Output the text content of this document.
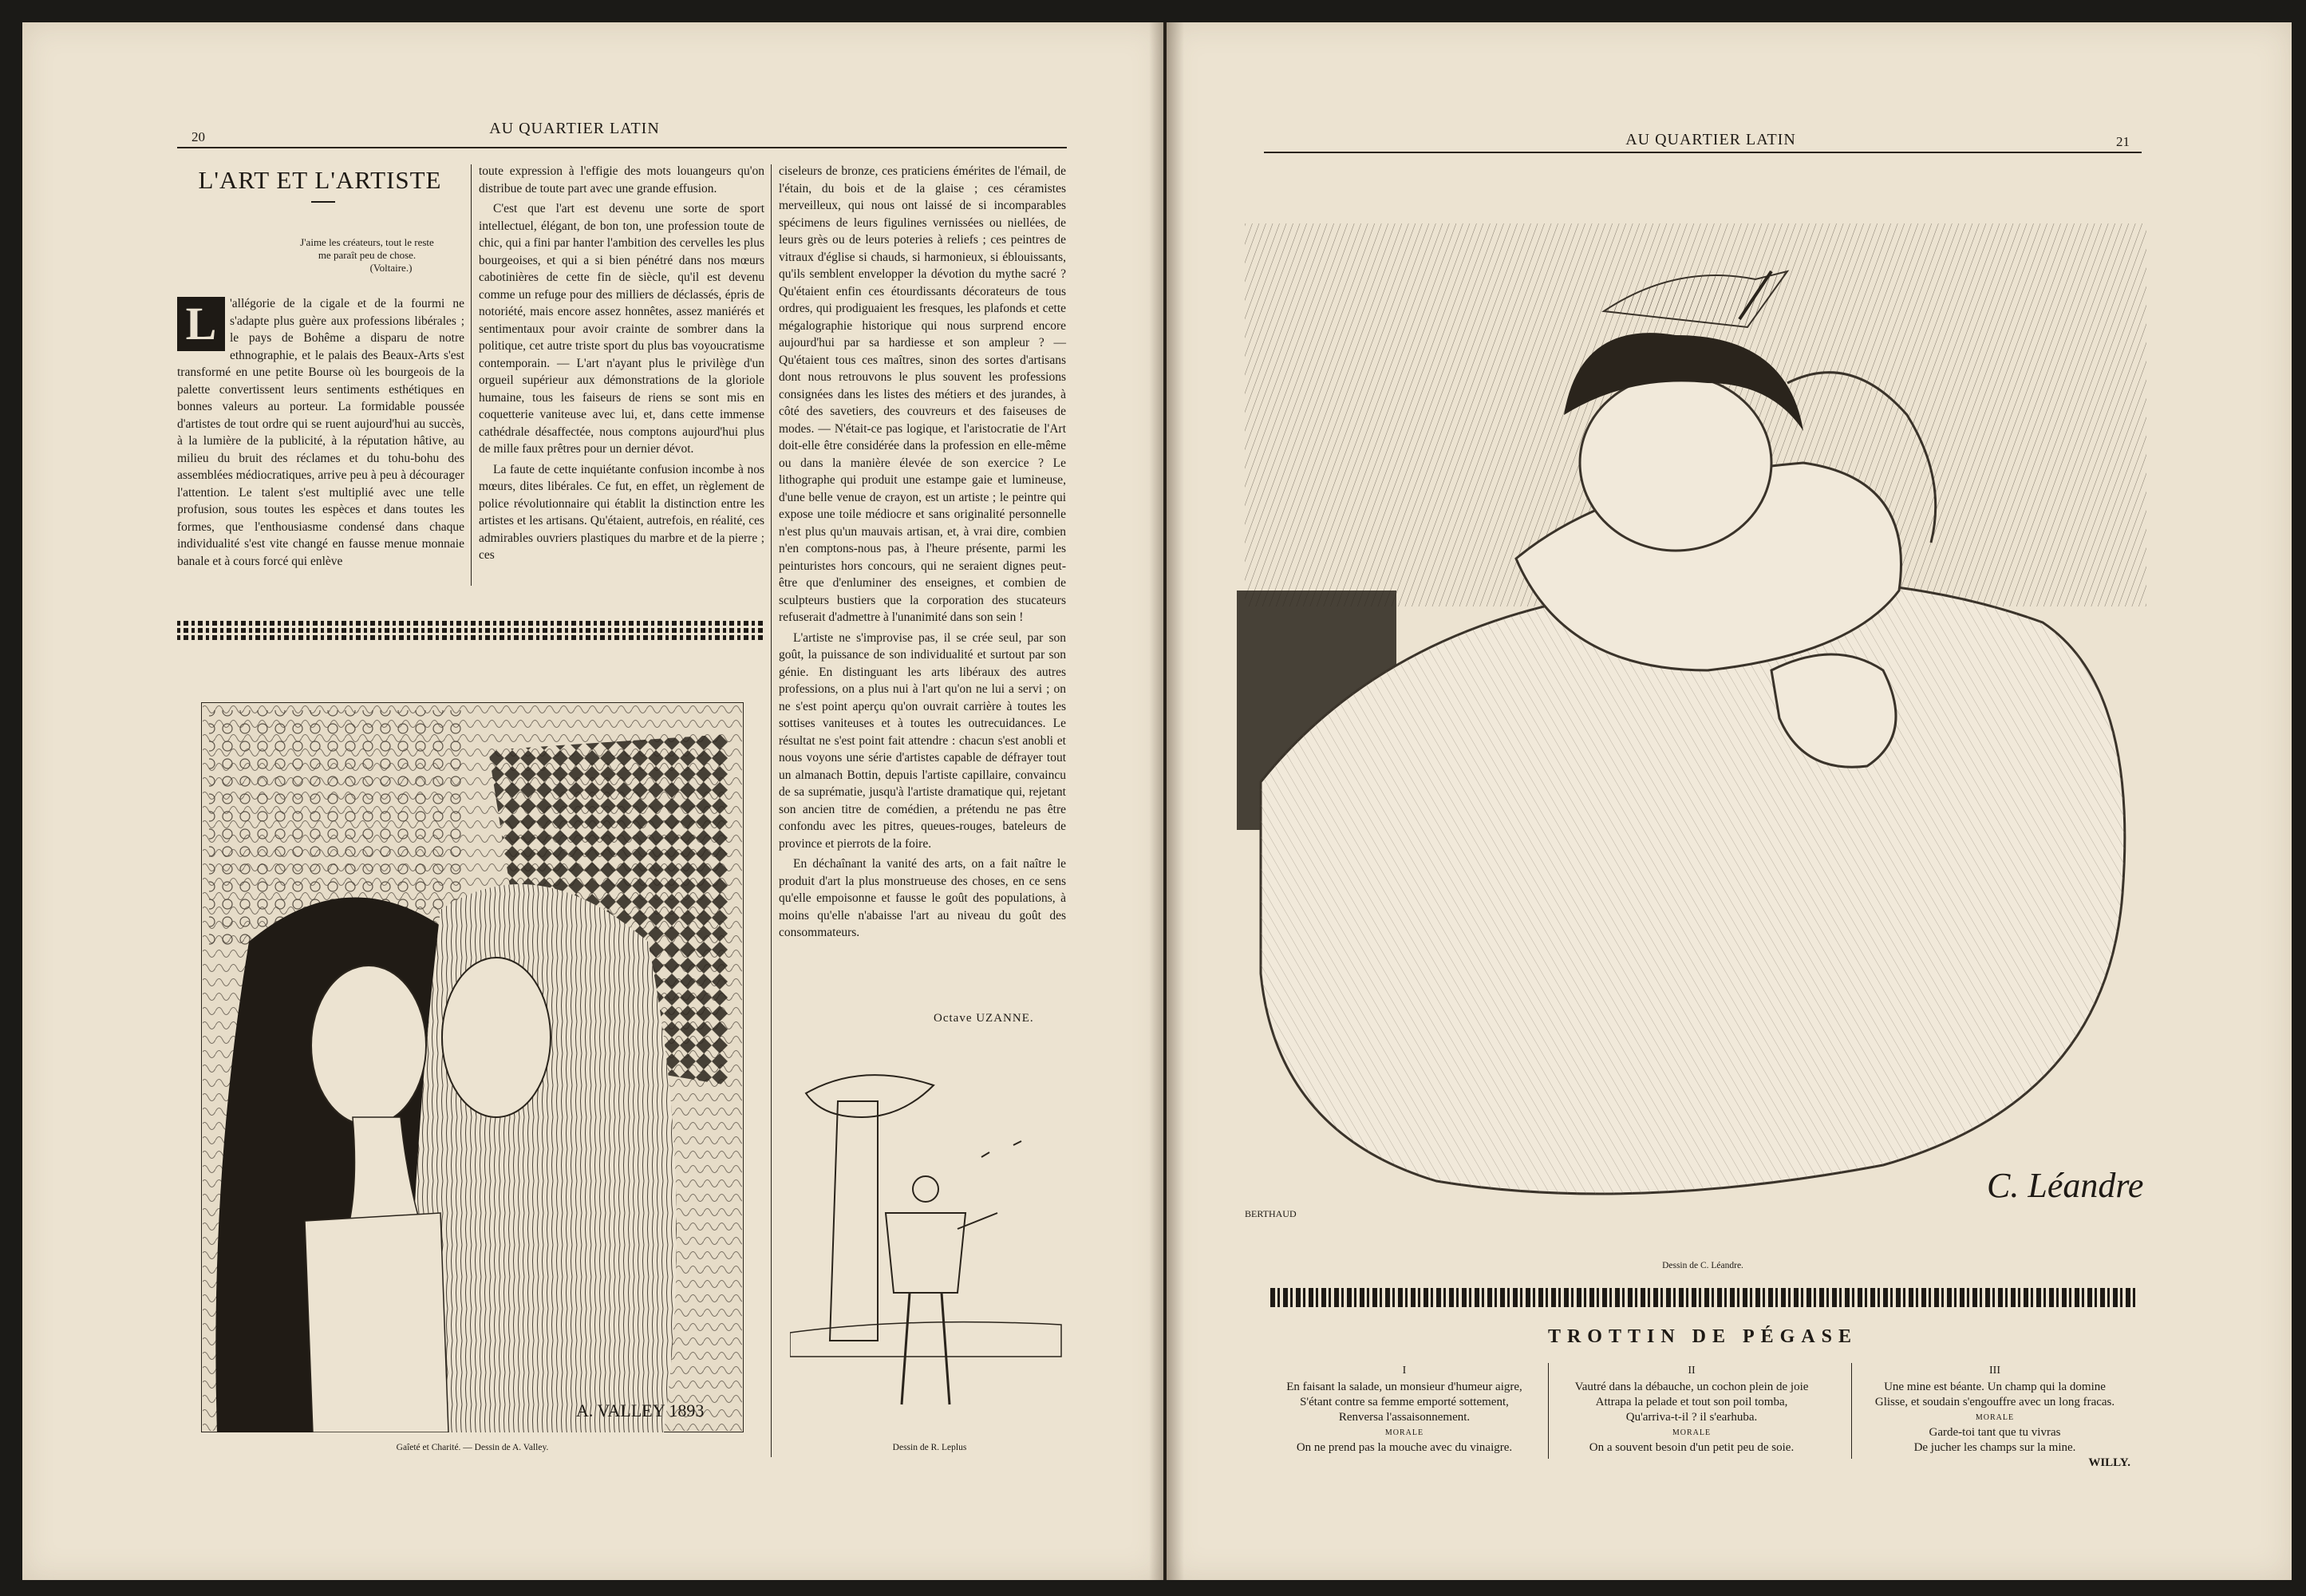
20	AU QUARTIER LATIN
L'ART ET L'ARTISTE
J'aime les créateurs, tout le reste
me paraît peu de chose.
(Voltaire.)
L	'allégorie de la cigale et de la fourmi ne s'adapte plus guère aux professions libérales ; le pays de Bohême a disparu de notre ethnographie, et le palais des Beaux-Arts s'est transformé en une petite Bourse où les bourgeois de la palette convertissent leurs sentiments esthétiques en bonnes valeurs au porteur. La formidable poussée d'artistes de tout ordre qui se ruent aujourd'hui au succès, à la lumière de la publicité, à la réputation hâtive, au milieu du bruit des réclames et du tohu-bohu des assemblées médiocratiques, arrive peu à peu à décourager l'attention. Le talent s'est multiplié avec une telle profusion, sous toutes les espèces et dans toutes les formes, que l'enthousiasme condensé dans chaque individualité s'est vite changé en fausse menue monnaie banale et à cours forcé qui enlève

toute expression à l'effigie des mots louangeurs qu'on distribue de toute part avec une grande effusion.

C'est que l'art est devenu une sorte de sport intellectuel, élégant, de bon ton, une profession toute de chic, qui a fini par hanter l'ambition des cervelles les plus bourgeoises, et qui a si bien pénétré dans nos mœurs cabotinières de cette fin de siècle, qu'il est devenu comme un refuge pour des milliers de déclassés, épris de notoriété, mais encore assez honnêtes, assez maniérés et sentimentaux pour avoir crainte de sombrer dans la politique, cet autre triste sport du plus bas voyoucratisme contemporain. — L'art n'ayant plus le privilège d'un orgueil supérieur aux démonstrations de la gloriole humaine, tous les faiseurs de riens se sont mis en coquetterie vaniteuse avec lui, et, dans cette immense cathédrale désaffectée, nous comptons aujourd'hui plus de mille faux prêtres pour un dernier dévot.

La faute de cette inquiétante confusion incombe à nos mœurs, dites libérales. Ce fut, en effet, un règlement de police révolutionnaire qui établit la distinction entre les artistes et les artisans. Qu'étaient, autrefois, en réalité, ces admirables ouvriers plastiques du marbre et de la pierre ; ces

ciseleurs de bronze, ces praticiens émérites de l'émail, de l'étain, du bois et de la glaise ; ces céramistes merveilleux, qui nous ont laissé de si incomparables spécimens de leurs figulines vernissées ou niellées, de leurs grès ou de leurs poteries à reliefs ; ces peintres de vitraux d'église si chauds, si harmonieux, si éblouissants, qu'ils semblent envelopper la dévotion du mythe sacré ? Qu'étaient enfin ces étourdissants décorateurs de tous ordres, qui prodiguaient les fresques, les plafonds et cette mégalographie historique qui nous surprend encore aujourd'hui par sa hardiesse et son ampleur ? — Qu'étaient tous ces maîtres, sinon des sortes d'artisans dont nous retrouvons le plus souvent les professions consignées dans les listes des métiers et des jurandes, à côté des savetiers, des couvreurs et des faiseuses de modes. — N'était-ce pas logique, et l'aristocratie de l'Art doit-elle être considérée dans la profession en elle-même ou dans la manière élevée de son exercice ? Le lithographe qui produit une estampe gaie et lumineuse, d'une belle venue de crayon, est un artiste ; le peintre qui expose une toile médiocre et sans originalité personnelle n'est plus qu'un mauvais artisan, et, à vrai dire, combien n'en comptons-nous pas, à l'heure présente, parmi les peinturistes hors concours, qui ne seraient dignes peut-être que d'enluminer des enseignes, et combien de sculpteurs bustiers que la corporation des stucateurs refuserait d'admettre à l'unanimité dans son sein !

L'artiste ne s'improvise pas, il se crée seul, par son goût, la puissance de son individualité et surtout par son génie. En distinguant les arts libéraux des autres professions, on a plus nui à l'art qu'on ne lui a servi ; on ne s'est point aperçu qu'on ouvrait carrière à toutes les sottises vaniteuses et à toutes les outrecuidances. Le résultat ne s'est point fait attendre : chacun s'est anobli et nous voyons une série d'artistes capable de défrayer tout un almanach Bottin, depuis l'artiste capillaire, convaincu de sa suprématie, jusqu'à l'artiste dramatique qui, rejetant son ancien titre de comédien, a prétendu ne pas être confondu avec les pitres, queues-rouges, bateleurs de province et pierrots de la foire.

En déchaînant la vanité des arts, on a fait naître le produit d'art la plus monstrueuse des choses, en ce sens qu'elle empoisonne et fausse le goût des populations, à moins qu'elle n'abaisse l'art au niveau du goût des consommateurs.

Octave UZANNE.
A. VALLEY 1893
Gaîeté et Charité. — Dessin de A. Valley.	Dessin de R. Leplus
AU QUARTIER LATIN	21
C. Léandre
BERTHAUD
Dessin de C. Léandre.
TROTTIN DE PÉGASE
I
En faisant la salade, un monsieur d'humeur aigre,
S'étant contre sa femme emporté sottement,
Renversa l'assaisonnement.
MORALE
On ne prend pas la mouche avec du vinaigre.
II
Vautré dans la débauche, un cochon plein de joie
Attrapa la pelade et tout son poil tomba,
Qu'arriva-t-il ? il s'earhuba.
MORALE
On a souvent besoin d'un petit peu de soie.
III
Une mine est béante. Un champ qui la domine
Glisse, et soudain s'engouffre avec un long fracas.
MORALE
Garde-toi tant que tu vivras
De jucher les champs sur la mine.
WILLY.
